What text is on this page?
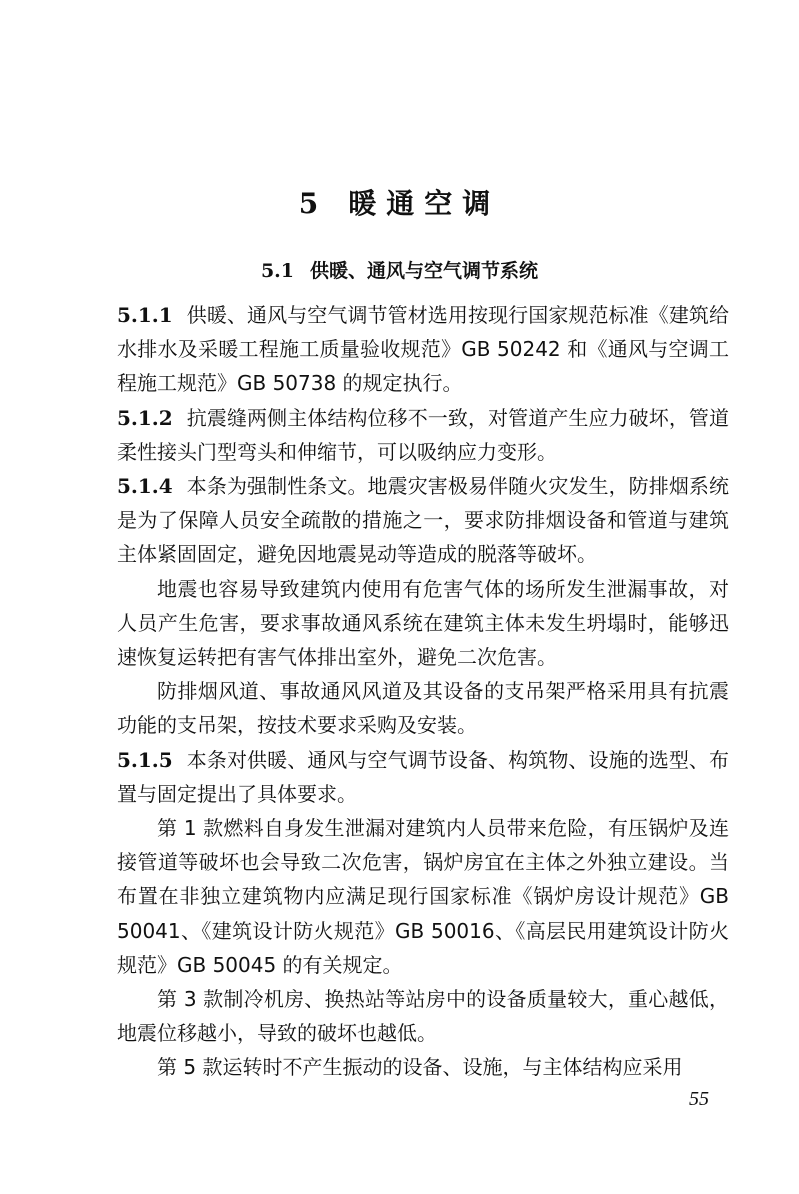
5 暖通空调
5.1 供暖、通风与空气调节系统

5.1.1 供暖、通风与空气调节管材选用按现行国家规范标准《建筑给水排水及采暖工程施工质量验收规范》GB 50242 和《通风与空调工程施工规范》GB 50738 的规定执行。

5.1.2 抗震缝两侧主体结构位移不一致，对管道产生应力破坏，管道柔性接头门型弯头和伸缩节，可以吸纳应力变形。

5.1.4 本条为强制性条文。地震灾害极易伴随火灾发生，防排烟系统是为了保障人员安全疏散的措施之一，要求防排烟设备和管道与建筑主体紧固固定，避免因地震晃动等造成的脱落等破坏。

地震也容易导致建筑内使用有危害气体的场所发生泄漏事故，对人员产生危害，要求事故通风系统在建筑主体未发生坍塌时，能够迅速恢复运转把有害气体排出室外，避免二次危害。

防排烟风道、事故通风风道及其设备的支吊架严格采用具有抗震功能的支吊架，按技术要求采购及安装。

5.1.5 本条对供暖、通风与空气调节设备、构筑物、设施的选型、布置与固定提出了具体要求。

第 1 款燃料自身发生泄漏对建筑内人员带来危险，有压锅炉及连接管道等破坏也会导致二次危害，锅炉房宜在主体之外独立建设。当布置在非独立建筑物内应满足现行国家标准《锅炉房设计规范》GB 50041、《建筑设计防火规范》GB 50016、《高层民用建筑设计防火规范》GB 50045 的有关规定。

第 3 款制冷机房、换热站等站房中的设备质量较大，重心越低，地震位移越小，导致的破坏也越低。

第 5 款运转时不产生振动的设备、设施，与主体结构应采用

55
